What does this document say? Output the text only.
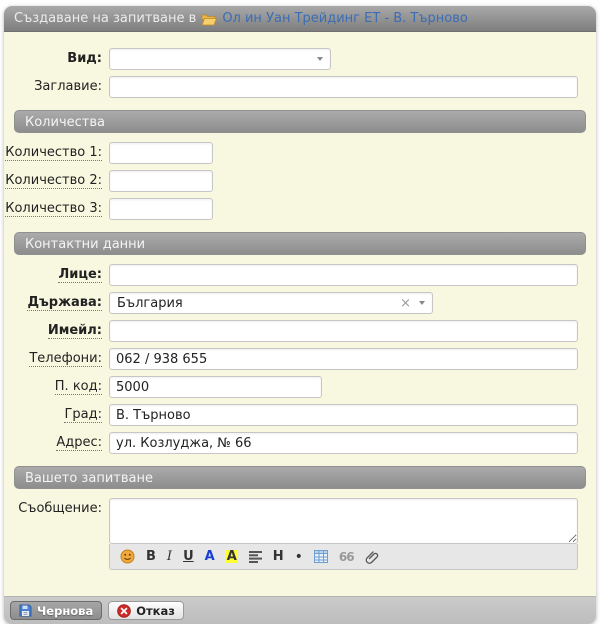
Създаване на запитване в Ол ин Уан Трейдинг ЕТ - В. Търново
Вид:
Заглавие:
Количества
Количество 1:
Количество 2:
Количество 3:
Контактни данни
Лице:
Държава: България
×
Имейл:
Телефони:
062 / 938 655
П. код:
5000
Град:
В. Търново
Адрес:
ул. Козлуджа, № 66
Вашето запитване
Съобщение:
B I U A A	H •	66
Чернова	Отказ
